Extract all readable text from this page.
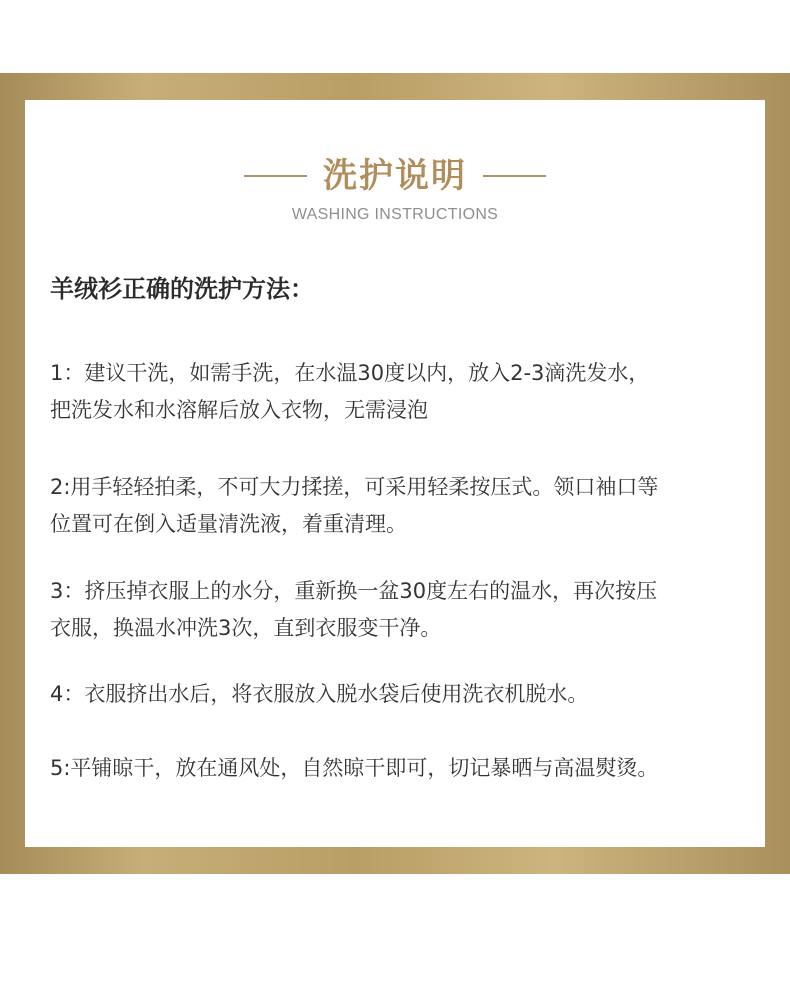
洗护说明
WASHING INSTRUCTIONS
羊绒衫正确的洗护方法：

1：建议干洗，如需手洗，在水温30度以内，放入2-3滴洗发水，
把洗发水和水溶解后放入衣物，无需浸泡

2:用手轻轻拍柔，不可大力揉搓，可采用轻柔按压式。领口袖口等
位置可在倒入适量清洗液，着重清理。

3：挤压掉衣服上的水分，重新换一盆30度左右的温水，再次按压
衣服，换温水冲洗3次，直到衣服变干净。

4：衣服挤出水后，将衣服放入脱水袋后使用洗衣机脱水。

5:平铺晾干，放在通风处，自然晾干即可，切记暴晒与高温熨烫。
